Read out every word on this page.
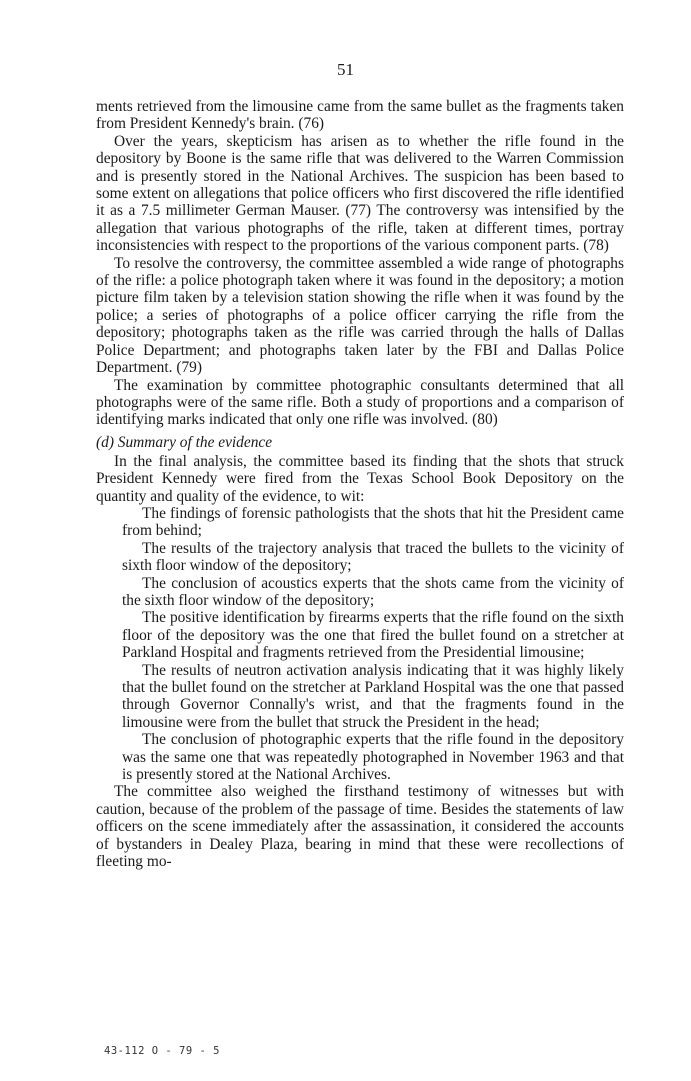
51

ments retrieved from the limousine came from the same bullet as the fragments taken from President Kennedy's brain. (76)

Over the years, skepticism has arisen as to whether the rifle found in the depository by Boone is the same rifle that was delivered to the Warren Commission and is presently stored in the National Archives. The suspicion has been based to some extent on allegations that police officers who first discovered the rifle identified it as a 7.5 millimeter German Mauser. (77) The controversy was intensified by the allegation that various photographs of the rifle, taken at different times, portray inconsistencies with respect to the proportions of the various component parts. (78)

To resolve the controversy, the committee assembled a wide range of photographs of the rifle: a police photograph taken where it was found in the depository; a motion picture film taken by a television station showing the rifle when it was found by the police; a series of photographs of a police officer carrying the rifle from the depository; photographs taken as the rifle was carried through the halls of Dallas Police Department; and photographs taken later by the FBI and Dallas Police Department. (79)

The examination by committee photographic consultants determined that all photographs were of the same rifle. Both a study of proportions and a comparison of identifying marks indicated that only one rifle was involved. (80)

(d) Summary of the evidence

In the final analysis, the committee based its finding that the shots that struck President Kennedy were fired from the Texas School Book Depository on the quantity and quality of the evidence, to wit:

The findings of forensic pathologists that the shots that hit the President came from behind;

The results of the trajectory analysis that traced the bullets to the vicinity of sixth floor window of the depository;

The conclusion of acoustics experts that the shots came from the vicinity of the sixth floor window of the depository;

The positive identification by firearms experts that the rifle found on the sixth floor of the depository was the one that fired the bullet found on a stretcher at Parkland Hospital and fragments retrieved from the Presidential limousine;

The results of neutron activation analysis indicating that it was highly likely that the bullet found on the stretcher at Parkland Hospital was the one that passed through Governor Connally's wrist, and that the fragments found in the limousine were from the bullet that struck the President in the head;

The conclusion of photographic experts that the rifle found in the depository was the same one that was repeatedly photographed in November 1963 and that is presently stored at the National Archives.

The committee also weighed the firsthand testimony of witnesses but with caution, because of the problem of the passage of time. Besides the statements of law officers on the scene immediately after the assassination, it considered the accounts of bystanders in Dealey Plaza, bearing in mind that these were recollections of fleeting mo-

43-112 O - 79 - 5
